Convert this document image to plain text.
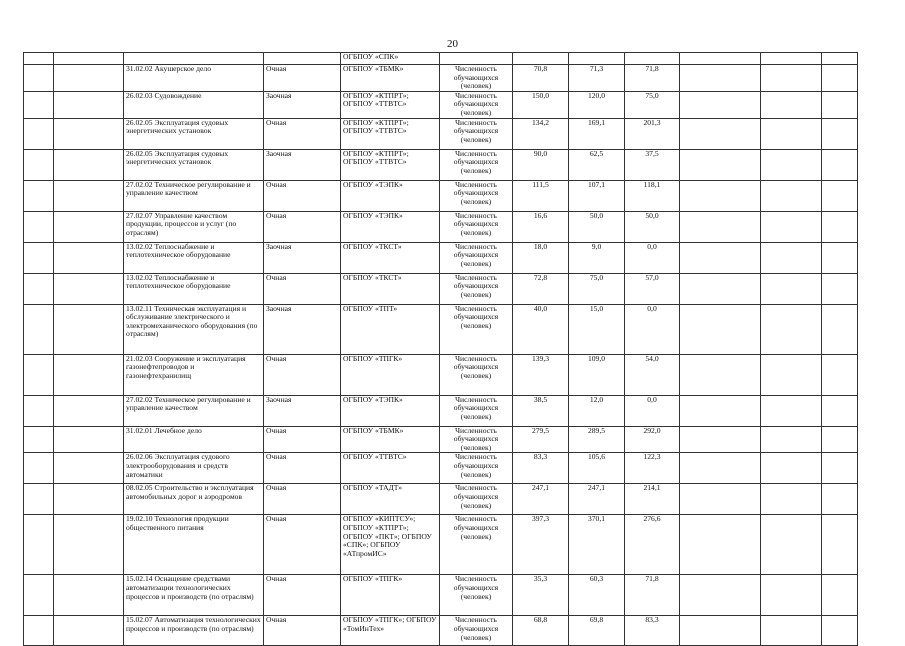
20
				ОГБПОУ «СПК»							
		31.02.02 Акушерское дело	Очная	ОГБПОУ «ТБМК»	Численность обучающихся (человек)	70,8	71,3	71,8			
		26.02.03 Судовождение	Заочная	ОГБПОУ «КТПРТ»; ОГБПОУ «ТТВТС»	Численность обучающихся (человек)	150,0	120,0	75,0			
		26.02.05 Эксплуатация судовых энергетических установок	Очная	ОГБПОУ «КТПРТ»; ОГБПОУ «ТТВТС»	Численность обучающихся (человек)	134,2	169,1	201,3			
		26.02.05 Эксплуатация судовых энергетических установок	Заочная	ОГБПОУ «КТПРТ»; ОГБПОУ «ТТВТС»	Численность обучающихся (человек)	90,0	62,5	37,5			
		27.02.02 Техническое регулирование и управление качеством	Очная	ОГБПОУ «ТЭПК»	Численность обучающихся (человек)	111,5	107,1	118,1			
		27.02.07 Управление качеством продукции, процессов и услуг (по отраслям)	Очная	ОГБПОУ «ТЭПК»	Численность обучающихся (человек)	16,6	50,0	50,0			
		13.02.02 Теплоснабжение и теплотехническое оборудование	Заочная	ОГБПОУ «ТКСТ»	Численность обучающихся (человек)	18,0	9,0	0,0			
		13.02.02 Теплоснабжение и теплотехническое оборудование	Очная	ОГБПОУ «ТКСТ»	Численность обучающихся (человек)	72,8	75,0	57,0			
		13.02.11 Техническая эксплуатация и обслуживание электрического и электромеханического оборудования (по отраслям)	Заочная	ОГБПОУ «ТПТ»	Численность обучающихся (человек)	40,0	15,0	0,0			
		21.02.03 Сооружение и эксплуатация газонефтепроводов и газонефтехранилищ	Очная	ОГБПОУ «ТПГК»	Численность обучающихся (человек)	139,3	109,0	54,0			
		27.02.02 Техническое регулирование и управление качеством	Заочная	ОГБПОУ «ТЭПК»	Численность обучающихся (человек)	38,5	12,0	0,0			
		31.02.01 Лечебное дело	Очная	ОГБПОУ «ТБМК»	Численность обучающихся (человек)	279,5	289,5	292,0			
		26.02.06 Эксплуатация судового электрооборудования и средств автоматики	Очная	ОГБПОУ «ТТВТС»	Численность обучающихся (человек)	83,3	105,6	122,3			
		08.02.05 Строительство и эксплуатация автомобильных дорог и аэродромов	Очная	ОГБПОУ «ТАДТ»	Численность обучающихся (человек)	247,1	247,1	214,1			
		19.02.10 Технология продукции общественного питания	Очная	ОГБПОУ «КИПТСУ»; ОГБПОУ «КТПРТ»; ОГБПОУ «ПКТ»; ОГБПОУ «СПК»; ОГБПОУ «АТпромИС»	Численность обучающихся (человек)	397,3	370,1	276,6			
		15.02.14 Оснащение средствами автоматизации технологических процессов и производств (по отраслям)	Очная	ОГБПОУ «ТПГК»	Численность обучающихся (человек)	35,3	60,3	71,8			
		15.02.07 Автоматизация технологических процессов и производств (по отраслям)	Очная	ОГБПОУ «ТПГК»; ОГБПОУ «ТомИнТех»	Численность обучающихся (человек)	68,8	69,8	83,3			
